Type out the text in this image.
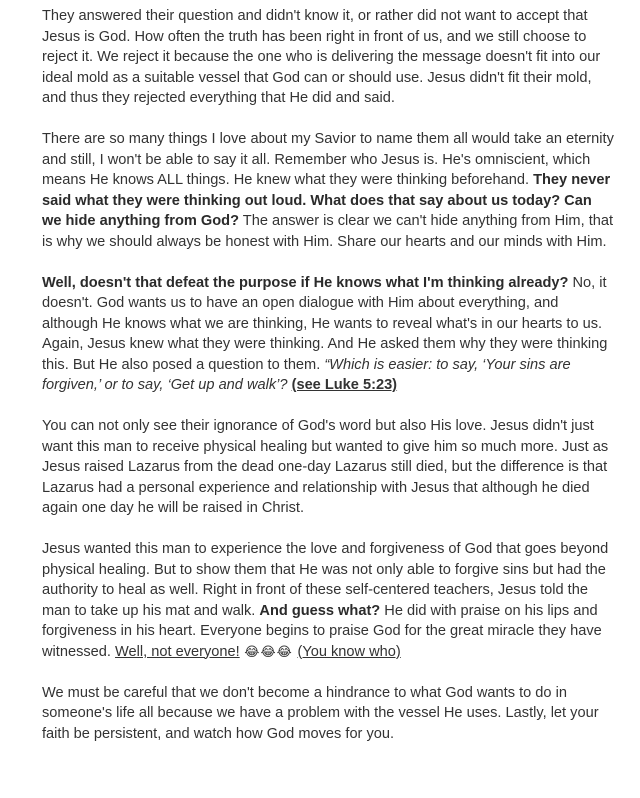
They answered their question and didn't know it, or rather did not want to accept that Jesus is God. How often the truth has been right in front of us, and we still choose to reject it. We reject it because the one who is delivering the message doesn't fit into our ideal mold as a suitable vessel that God can or should use. Jesus didn't fit their mold, and thus they rejected everything that He did and said.

There are so many things I love about my Savior to name them all would take an eternity and still, I won't be able to say it all. Remember who Jesus is. He's omniscient, which means He knows ALL things. He knew what they were thinking beforehand. They never said what they were thinking out loud. What does that say about us today? Can we hide anything from God? The answer is clear we can't hide anything from Him, that is why we should always be honest with Him. Share our hearts and our minds with Him.

Well, doesn't that defeat the purpose if He knows what I'm thinking already? No, it doesn't. God wants us to have an open dialogue with Him about everything, and although He knows what we are thinking, He wants to reveal what's in our hearts to us.

Again, Jesus knew what they were thinking. And He asked them why they were thinking this. But He also posed a question to them. “Which is easier: to say, ‘Your sins are forgiven,’ or to say, ‘Get up and walk’? (see Luke 5:23)

You can not only see their ignorance of God's word but also His love. Jesus didn't just want this man to receive physical healing but wanted to give him so much more. Just as Jesus raised Lazarus from the dead one-day Lazarus still died, but the difference is that Lazarus had a personal experience and relationship with Jesus that although he died again one day he will be raised in Christ.

Jesus wanted this man to experience the love and forgiveness of God that goes beyond physical healing. But to show them that He was not only able to forgive sins but had the authority to heal as well. Right in front of these self-centered teachers, Jesus told the man to take up his mat and walk. And guess what? He did with praise on his lips and forgiveness in his heart. Everyone begins to praise God for the great miracle they have witnessed. Well, not everyone! 😂😂😂 (You know who)

We must be careful that we don't become a hindrance to what God wants to do in someone's life all because we have a problem with the vessel He uses. Lastly, let your faith be persistent, and watch how God moves for you.
